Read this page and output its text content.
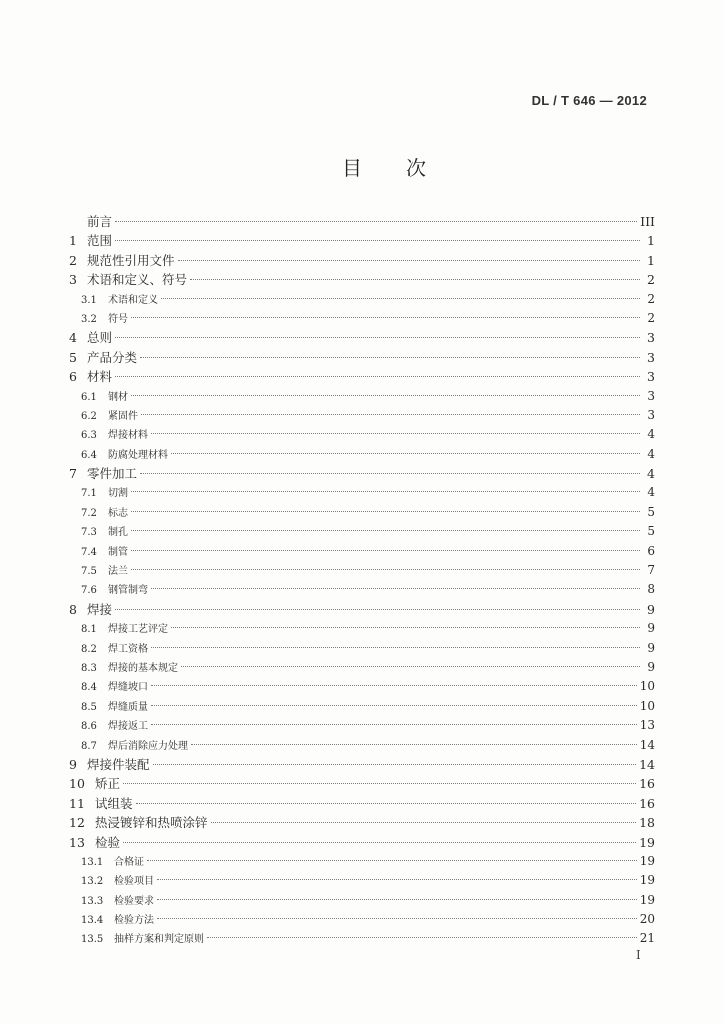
DL / T 646 — 2012
目次
前言	III
1 范围	1
2 规范性引用文件	1
3 术语和定义、符号	2
3.1	术语和定义	2
3.2	符号	2
4 总则	3
5 产品分类	3
6 材料	3
6.1	钢材	3
6.2	紧固件	3
6.3	焊接材料	4
6.4	防腐处理材料	4
7 零件加工	4
7.1	切割	4
7.2	标志	5
7.3	制孔	5
7.4	制管	6
7.5	法兰	7
7.6	钢管制弯	8
8 焊接	9
8.1	焊接工艺评定	9
8.2	焊工资格	9
8.3	焊接的基本规定	9
8.4	焊缝坡口	10
8.5	焊缝质量	10
8.6	焊接返工	13
8.7	焊后消除应力处理	14
9 焊接件装配	14
10 矫正	16
11 试组装	16
12 热浸镀锌和热喷涂锌	18
13 检验	19
13.1	合格证	19
13.2	检验项目	19
13.3	检验要求	19
13.4	检验方法	20
13.5	抽样方案和判定原则	21
I
